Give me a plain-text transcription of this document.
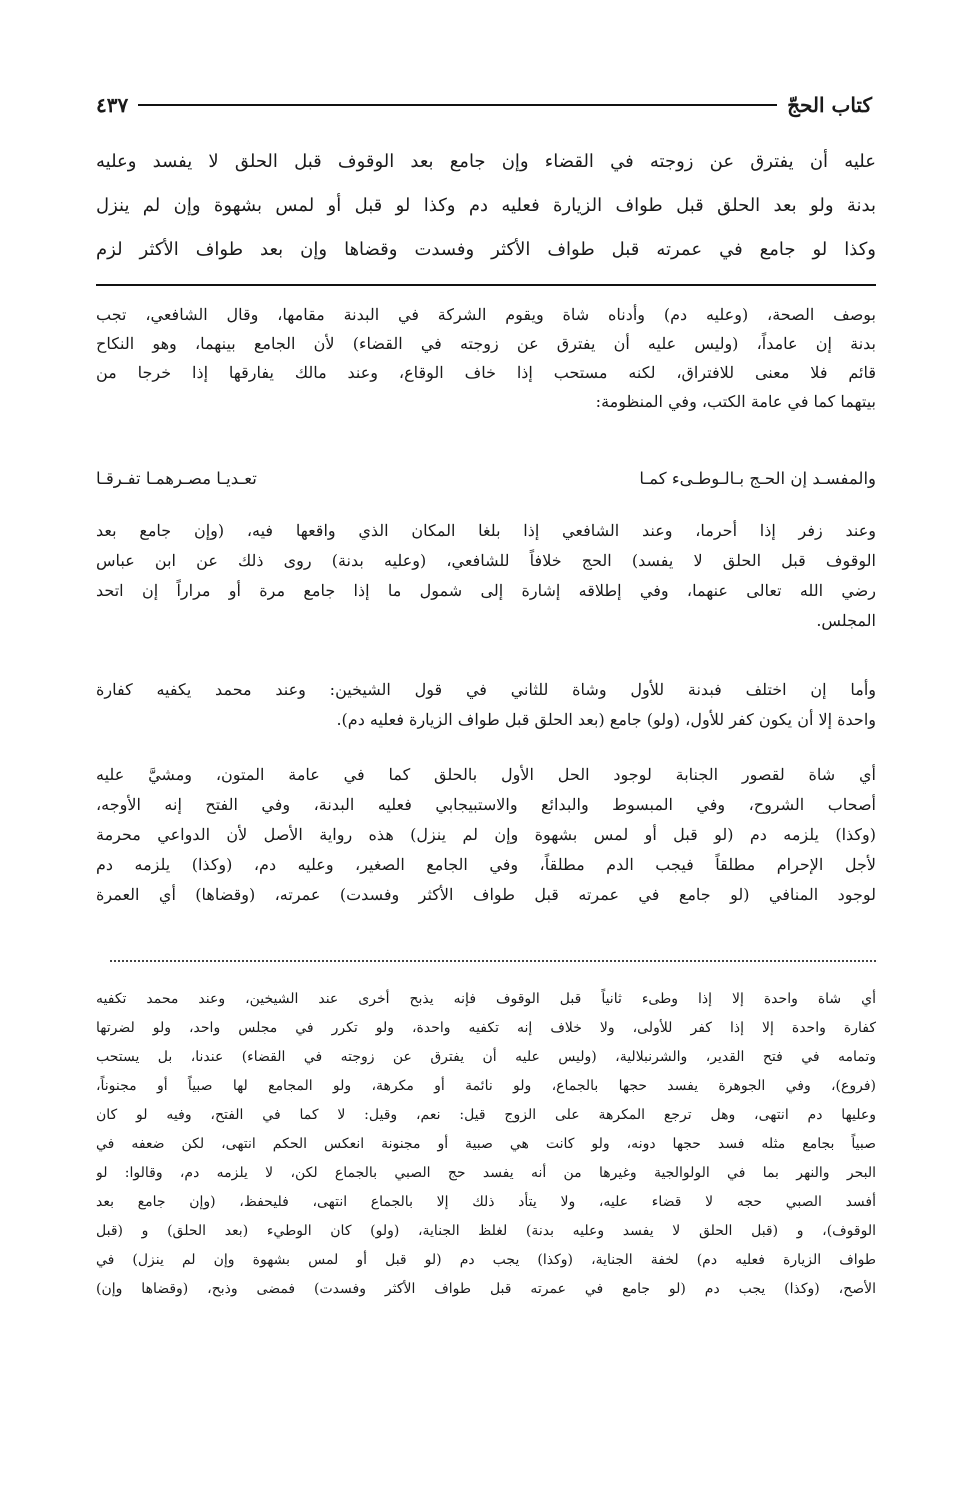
كتاب الحجّ
٤٣٧
عليه أن يفترق عن زوجته في القضاء وإن جامع بعد الوقوف قبل الحلق لا يفسد وعليه
بدنة ولو بعد الحلق قبل طواف الزيارة فعليه دم وكذا لو قبل أو لمس بشهوة وإن لم ينزل
وكذا لو جامع في عمرته قبل طواف الأكثر وفسدت وقضاها وإن بعد طواف الأكثر لزم
بوصف الصحة، (وعليه دم) وأدناه شاة ويقوم الشركة في البدنة مقامها، وقال الشافعي، تجب
بدنة إن عامداً، (وليس عليه أن يفترق عن زوجته في القضاء) لأن الجامع بينهما، وهو النكاح
قائم فلا معنى للافتراق، لكنه مستحب إذا خاف الوقاع، وعند مالك يفارقها إذا خرجا من
بيتهما كما في عامة الكتب، وفي المنظومة:
والمفسـد إن الحـج بـالـوطـىء كمـا
تعـديـا مصـرهمـا تفـرقـا
وعند زفر إذا أحرما، وعند الشافعي إذا بلغا المكان الذي واقعها فيه، (وإن جامع بعد
الوقوف قبل الحلق لا يفسد) الحج خلافاً للشافعي، (وعليه بدنة) روى ذلك عن ابن عباس
رضي الله تعالى عنهما، وفي إطلاقه إشارة إلى شمول ما إذا جامع مرة أو مراراً إن اتحد
المجلس.
وأما إن اختلف فبدنة للأول وشاة للثاني في قول الشيخين: وعند محمد يكفيه كفارة
واحدة إلا أن يكون كفر للأول، (ولو) جامع (بعد الحلق قبل طواف الزيارة فعليه دم).
أي شاة لقصور الجنابة لوجود الحل الأول بالحلق كما في عامة المتون، ومشيَّ عليه
أصحاب الشروح، وفي المبسوط والبدائع والاستبيجابي فعليه البدنة، وفي الفتح إنه الأوجه،
(وكذا) يلزمه دم (لو قبل أو لمس بشهوة وإن لم ينزل) هذه رواية الأصل لأن الدواعي محرمة
لأجل الإحرام مطلقاً فيجب الدم مطلقاً، وفي الجامع الصغير، وعليه دم، (وكذا) يلزمه دم
لوجود المنافي (لو جامع في عمرته قبل طواف الأكثر وفسدت) عمرته، (وقضاها) أي العمرة
أي شاة واحدة إلا إذا وطىء ثانياً قبل الوقوف فإنه يذبح أخرى عند الشيخين، وعند محمد تكفيه
كفارة واحدة إلا إذا كفر للأولى، ولا خلاف إنه تكفيه واحدة، ولو تكرر في مجلس واحد، ولو لضرتها
وتمامه في فتح القدير، والشرنبلالية، (وليس عليه أن يفترق عن زوجته في القضاء) عندنا، بل يستحب
(فروع)، وفي الجوهرة يفسد حجها بالجماع، ولو نائمة أو مكرهة، ولو المجامع لها صبياً أو مجنوناً،
وعليها دم انتهى، وهل ترجع المكرهة على الزوج قيل: نعم، وقيل: لا كما في الفتح، وفيه لو كان
صبياً بجامع مثله فسد حجها دونه، ولو كانت هي صبية أو مجنونة انعكس الحكم انتهى، لكن ضعفه في
البحر والنهر بما في الولوالجية وغيرها من أنه يفسد حج الصبي بالجماع لكن، لا يلزمه دم، وقالوا: لو
أفسد الصبي حجه لا قضاء عليه، ولا يتأد ذلك إلا بالجماع انتهى، فليحفظ، (وإن جامع بعد
الوقوف)، و (قبل الحلق لا يفسد وعليه بدنة) لغلظ الجناية، (ولو) كان الوطيء (بعد الحلق) و (قبل
طواف الزيارة فعليه دم) لخفة الجناية، (وكذا) يجب دم (لو قبل أو لمس بشهوة وإن لم ينزل) في
الأصح، (وكذا) يجب دم (لو جامع في عمرته قبل طواف الأكثر وفسدت) فمضى وذبح، (وقضاها وإن)
